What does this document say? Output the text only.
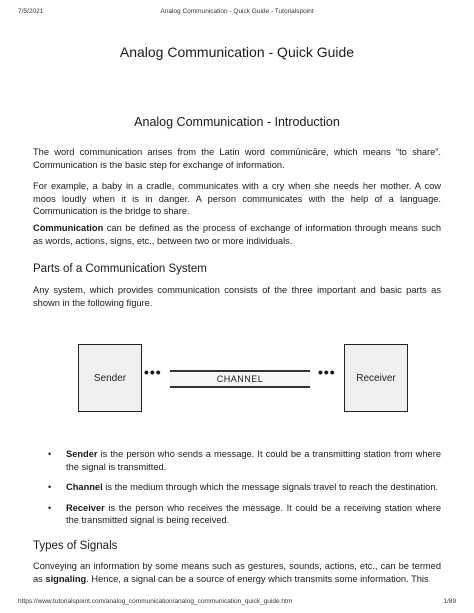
7/5/2021	Analog Communication - Quick Guide - Tutorialspoint
Analog Communication - Quick Guide
Analog Communication - Introduction

The word communication arises from the Latin word commūnicāre, which means “to share”. Communication is the basic step for exchange of information.

For example, a baby in a cradle, communicates with a cry when she needs her mother. A cow moos loudly when it is in danger. A person communicates with the help of a language. Communication is the bridge to share.

Communication can be defined as the process of exchange of information through means such as words, actions, signs, etc., between two or more individuals.

Parts of a Communication System

Any system, which provides communication consists of the three important and basic parts as shown in the following figure.

Sender	•••	CHANNEL	•••	Receiver
• Sender is the person who sends a message. It could be a transmitting station from where the signal is transmitted.
• Channel is the medium through which the message signals travel to reach the destination.
• Receiver is the person who receives the message. It could be a receiving station where the transmitted signal is being received.
Types of Signals

Conveying an information by some means such as gestures, sounds, actions, etc., can be termed as signaling. Hence, a signal can be a source of energy which transmits some information. This

https://www.tutorialspoint.com/analog_communication/analog_communication_quick_guide.htm	1/89
